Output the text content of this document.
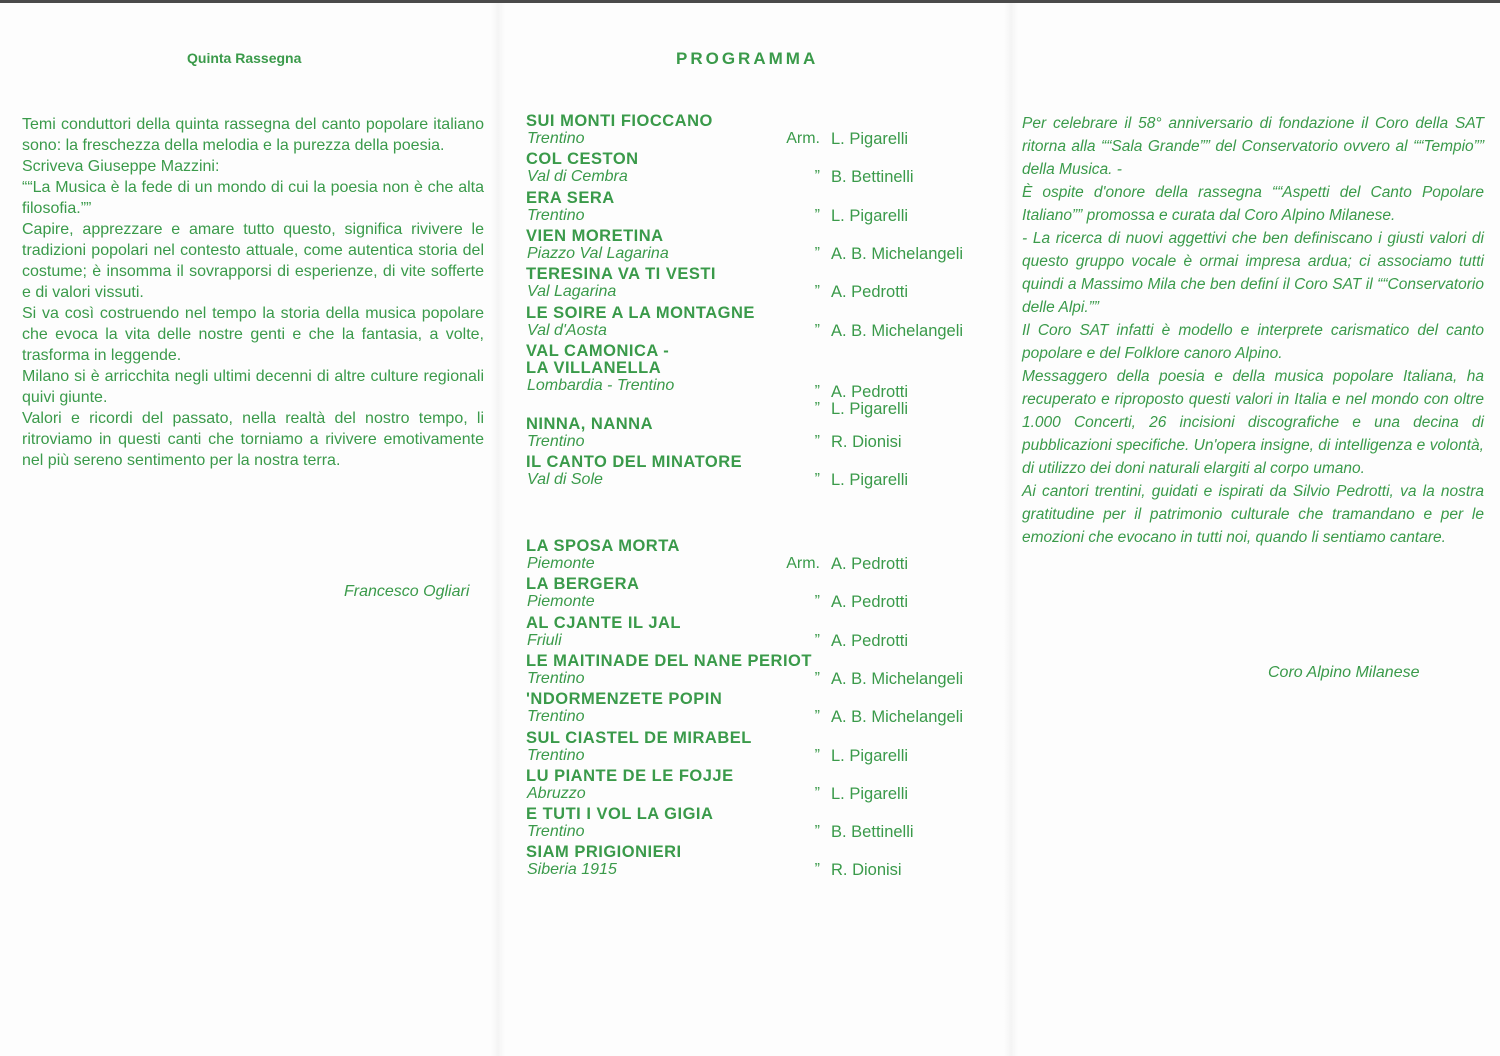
Quinta Rassegna

Temi conduttori della quinta rassegna del canto popolare italiano sono: la freschezza della melodia e la purezza della poesia.

Scriveva Giuseppe Mazzini:

““La Musica è la fede di un mondo di cui la poesia non è che alta filosofia.””

Capire, apprezzare e amare tutto questo, significa rivivere le tradizioni popolari nel contesto attuale, come autentica storia del costume; è insomma il sovrapporsi di esperienze, di vite sofferte e di valori vissuti.

Si va così costruendo nel tempo la storia della musica popolare che evoca la vita delle nostre genti e che la fantasia, a volte, trasforma in leggende.

Milano si è arricchita negli ultimi decenni di altre culture regionali quivi giunte.

Valori e ricordi del passato, nella realtà del nostro tempo, li ritroviamo in questi canti che torniamo a rivivere emotivamente nel più sereno sentimento per la nostra terra.

Francesco Ogliari
PROGRAMMA
SUI MONTI FIOCCANO
Trentino	Arm. L. Pigarelli
COL CESTON
Val di Cembra	” B. Bettinelli
ERA SERA
Trentino	” L. Pigarelli
VIEN MORETINA
Piazzo Val Lagarina	” A. B. Michelangeli
TERESINA VA TI VESTI
Val Lagarina	” A. Pedrotti
LE SOIRE A LA MONTAGNE
Val d'Aosta	” A. B. Michelangeli
VAL CAMONICA -
LA VILLANELLA
Lombardia - Trentino	” A. Pedrotti
” L. Pigarelli
NINNA, NANNA
Trentino	” R. Dionisi
IL CANTO DEL MINATORE
Val di Sole	” L. Pigarelli
LA SPOSA MORTA
Piemonte	Arm. A. Pedrotti
LA BERGERA
Piemonte	” A. Pedrotti
AL CJANTE IL JAL
Friuli	” A. Pedrotti
LE MAITINADE DEL NANE PERIOT
Trentino	” A. B. Michelangeli
'NDORMENZETE POPIN
Trentino	” A. B. Michelangeli
SUL CIASTEL DE MIRABEL
Trentino	” L. Pigarelli
LU PIANTE DE LE FOJJE
Abruzzo	” L. Pigarelli
E TUTI I VOL LA GIGIA
Trentino	” B. Bettinelli
SIAM PRIGIONIERI
Siberia 1915	” R. Dionisi

Per celebrare il 58° anniversario di fondazione il Coro della SAT ritorna alla ““Sala Grande”” del Conservatorio ovvero al ““Tempio”” della Musica. -

È ospite d'onore della rassegna ““Aspetti del Canto Popolare Italiano”” promossa e curata dal Coro Alpino Milanese.

- La ricerca di nuovi aggettivi che ben definiscano i giusti valori di questo gruppo vocale è ormai impresa ardua; ci associamo tutti quindi a Massimo Mila che ben definí il Coro SAT il ““Conservatorio delle Alpi.””

Il Coro SAT infatti è modello e interprete carismatico del canto popolare e del Folklore canoro Alpino.

Messaggero della poesia e della musica popolare Italiana, ha recuperato e riproposto questi valori in Italia e nel mondo con oltre 1.000 Concerti, 26 incisioni discografiche e una decina di pubblicazioni specifiche. Un'opera insigne, di intelligenza e volontà, di utilizzo dei doni naturali elargiti al corpo umano.

Ai cantori trentini, guidati e ispirati da Silvio Pedrotti, va la nostra gratitudine per il patrimonio culturale che tramandano e per le emozioni che evocano in tutti noi, quando li sentiamo cantare.

Coro Alpino Milanese
